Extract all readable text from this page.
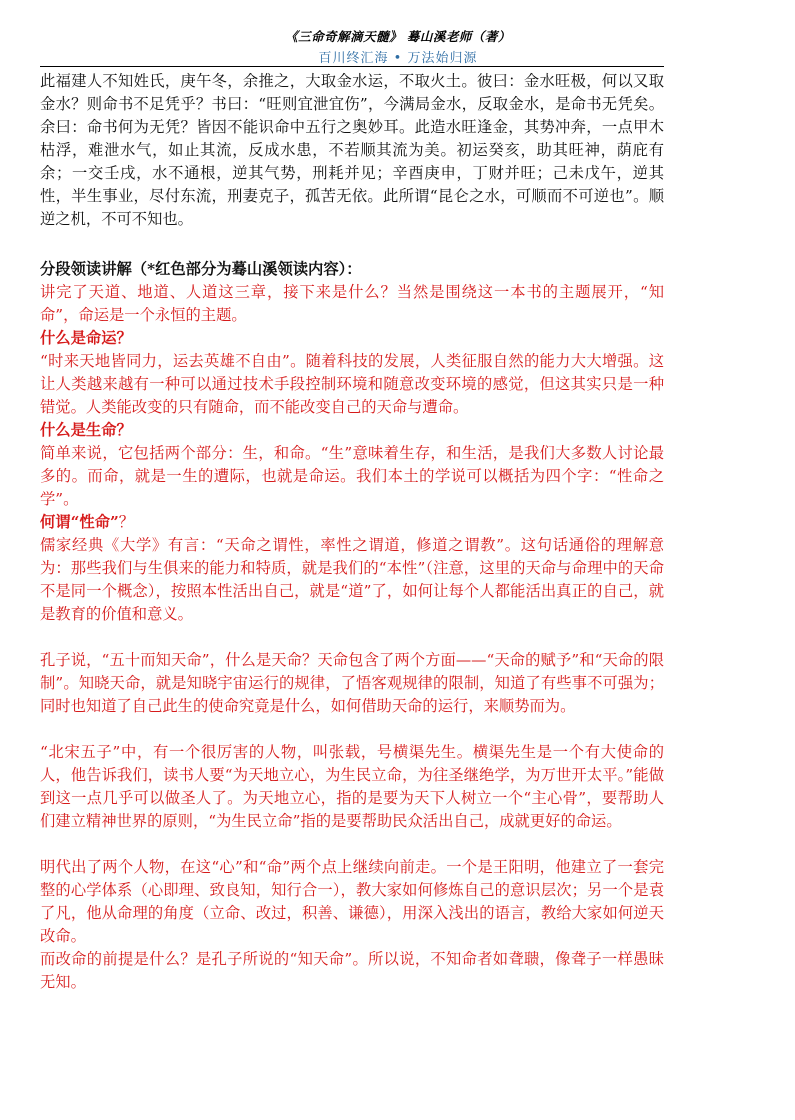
《三命奇解滴天髓》 蓦山溪老师（著）
百川终汇海 • 万法始归源

此福建人不知姓氏，庚午冬，余推之，大取金水运，不取火土。彼曰：金水旺极，何以又取金水？则命书不足凭乎？书曰：“旺则宜泄宜伤”，今满局金水，反取金水，是命书无凭矣。余曰：命书何为无凭？皆因不能识命中五行之奥妙耳。此造水旺逢金，其势冲奔，一点甲木枯浮，难泄水气，如止其流，反成水患，不若顺其流为美。初运癸亥，助其旺神，荫庇有余；一交壬戌，水不通根，逆其气势，刑耗并见；辛酉庚申，丁财并旺；己未戊午，逆其性，半生事业，尽付东流，刑妻克子，孤苦无依。此所谓“昆仑之水，可顺而不可逆也”。顺逆之机，不可不知也。

分段领读讲解（*红色部分为蓦山溪领读内容）：

讲完了天道、地道、人道这三章，接下来是什么？当然是围绕这一本书的主题展开，“知命”，命运是一个永恒的主题。

什么是命运？

“时来天地皆同力，运去英雄不自由”。随着科技的发展，人类征服自然的能力大大增强。这让人类越来越有一种可以通过技术手段控制环境和随意改变环境的感觉，但这其实只是一种错觉。人类能改变的只有随命，而不能改变自己的天命与遭命。

什么是生命？

简单来说，它包括两个部分：生，和命。“生”意味着生存，和生活，是我们大多数人讨论最多的。而命，就是一生的遭际，也就是命运。我们本土的学说可以概括为四个字：“性命之学”。

何谓“性命”？

儒家经典《大学》有言：“天命之谓性，率性之谓道，修道之谓教”。这句话通俗的理解意为：那些我们与生俱来的能力和特质，就是我们的“本性”（注意，这里的天命与命理中的天命不是同一个概念），按照本性活出自己，就是“道”了，如何让每个人都能活出真正的自己，就是教育的价值和意义。

孔子说，“五十而知天命”，什么是天命？天命包含了两个方面——“天命的赋予”和“天命的限制”。知晓天命，就是知晓宇宙运行的规律，了悟客观规律的限制，知道了有些事不可强为；同时也知道了自己此生的使命究竟是什么，如何借助天命的运行，来顺势而为。

“北宋五子”中，有一个很厉害的人物，叫张载，号横渠先生。横渠先生是一个有大使命的人，他告诉我们，读书人要“为天地立心，为生民立命，为往圣继绝学，为万世开太平。”能做到这一点几乎可以做圣人了。为天地立心，指的是要为天下人树立一个“主心骨”，要帮助人们建立精神世界的原则，“为生民立命”指的是要帮助民众活出自己，成就更好的命运。

明代出了两个人物，在这“心”和“命”两个点上继续向前走。一个是王阳明，他建立了一套完整的心学体系（心即理、致良知，知行合一），教大家如何修炼自己的意识层次；另一个是袁了凡，他从命理的角度（立命、改过，积善、谦德），用深入浅出的语言，教给大家如何逆天改命。

而改命的前提是什么？是孔子所说的“知天命”。所以说，不知命者如聋聩，像聋子一样愚昧无知。
